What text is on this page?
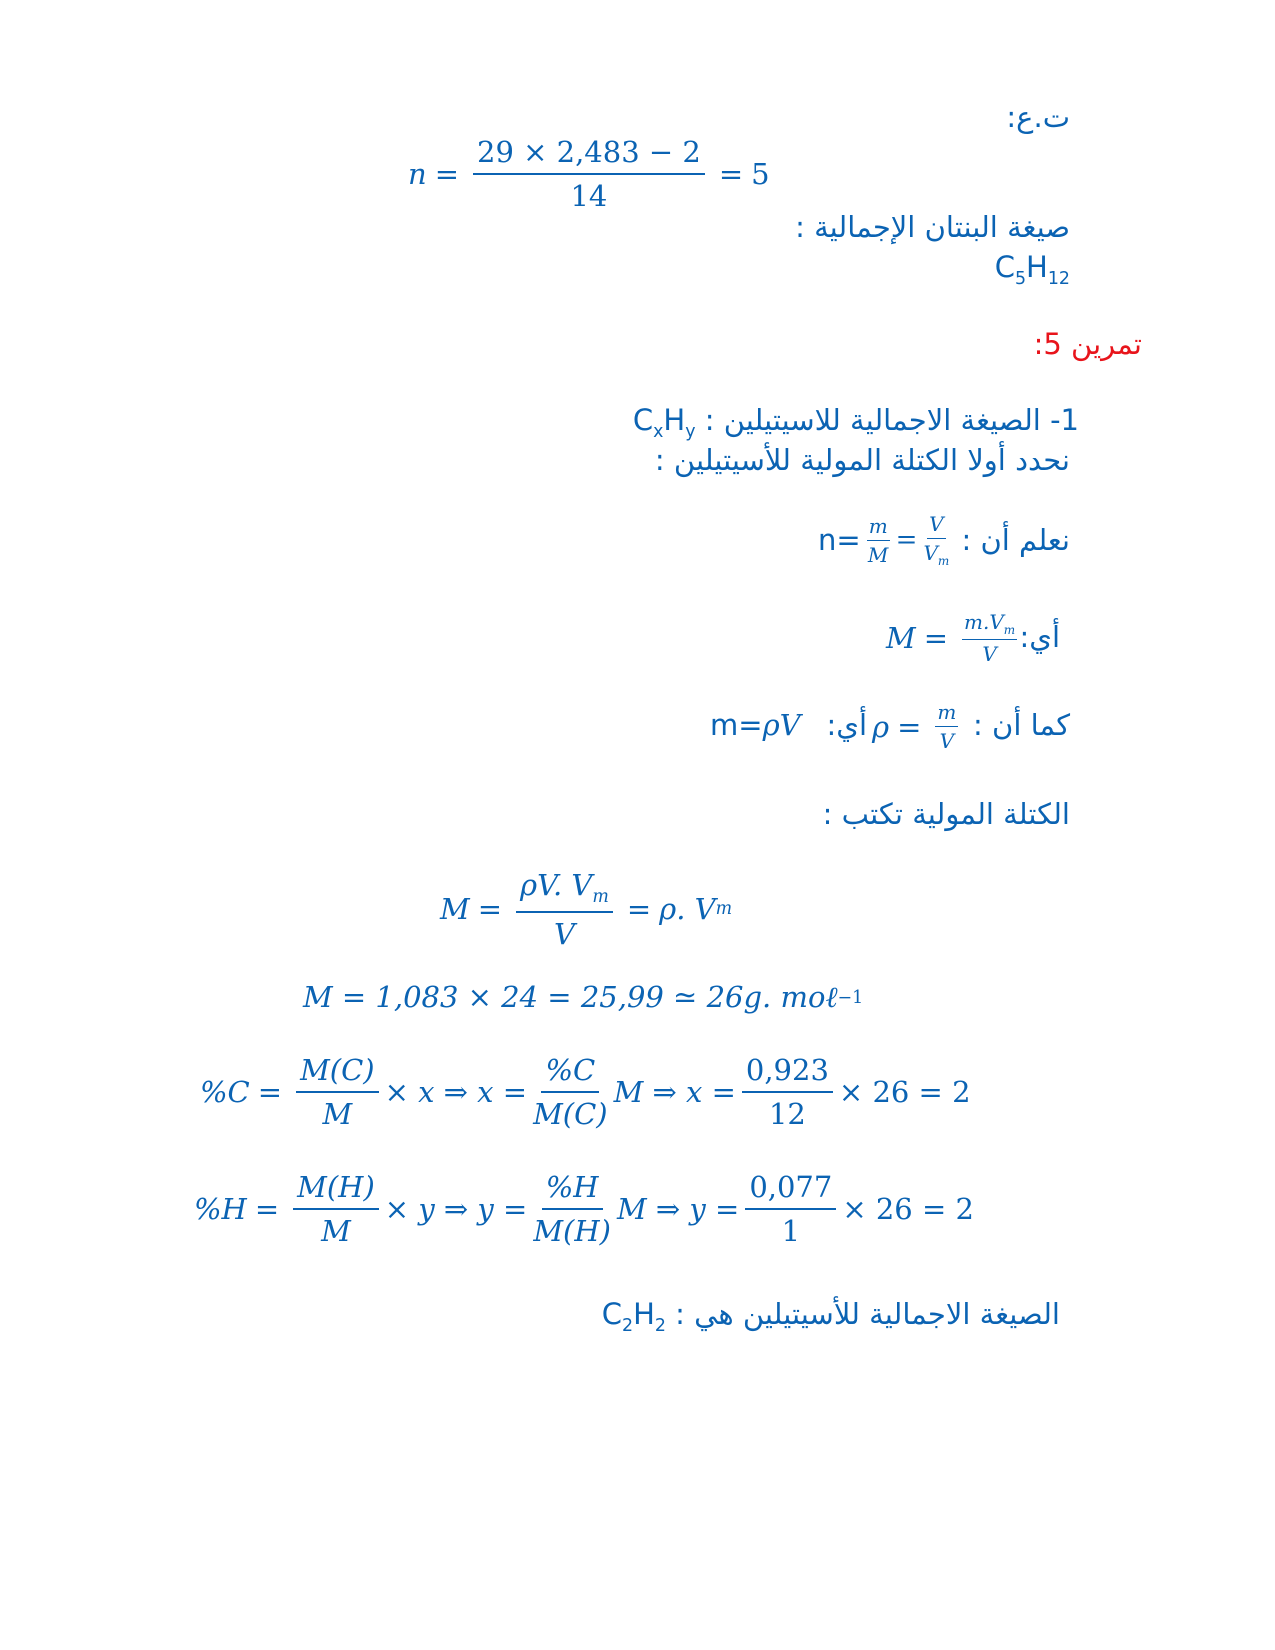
ت.ع:
$n = \frac{29 \times 2,483 - 2}{14} = 5$
صيغة البنتان الإجمالية :
$C_5H_{12}$
تمرين 5:
1- الصيغة الاجمالية للاسيتيلين : $C_xH_y$
نحدد أولا الكتلة المولية للأسيتيلين :
نعلم أن :
$n= \frac{m}{M} = \frac{V}{V_m}$
أي:
$M = \frac{m.V_m}{V}$
كما أن :
$\rho = \frac{m}{V}$
أي:
m=ρV
الكتلة المولية تكتب :
$M = \frac{\rho V. V_m}{V} = \rho$. V m
M = 1,083 × 24 = 25,99 ≃ 26g. moℓ −1
$\%C = \frac{M(C)}{M} \times x$ ⇒ $x = \frac{\%C}{M(C)}$ M ⇒ $x = \frac{0,923}{12} \times 26 = 2$
$\%H = \frac{M(H)}{M} \times y$ ⇒ $y = \frac{\%H}{M(H)}$ M ⇒ $y = \frac{0,077}{1} \times 26 = 2$
الصيغة الاجمالية للأسيتيلين هي : $C_2H_2$
